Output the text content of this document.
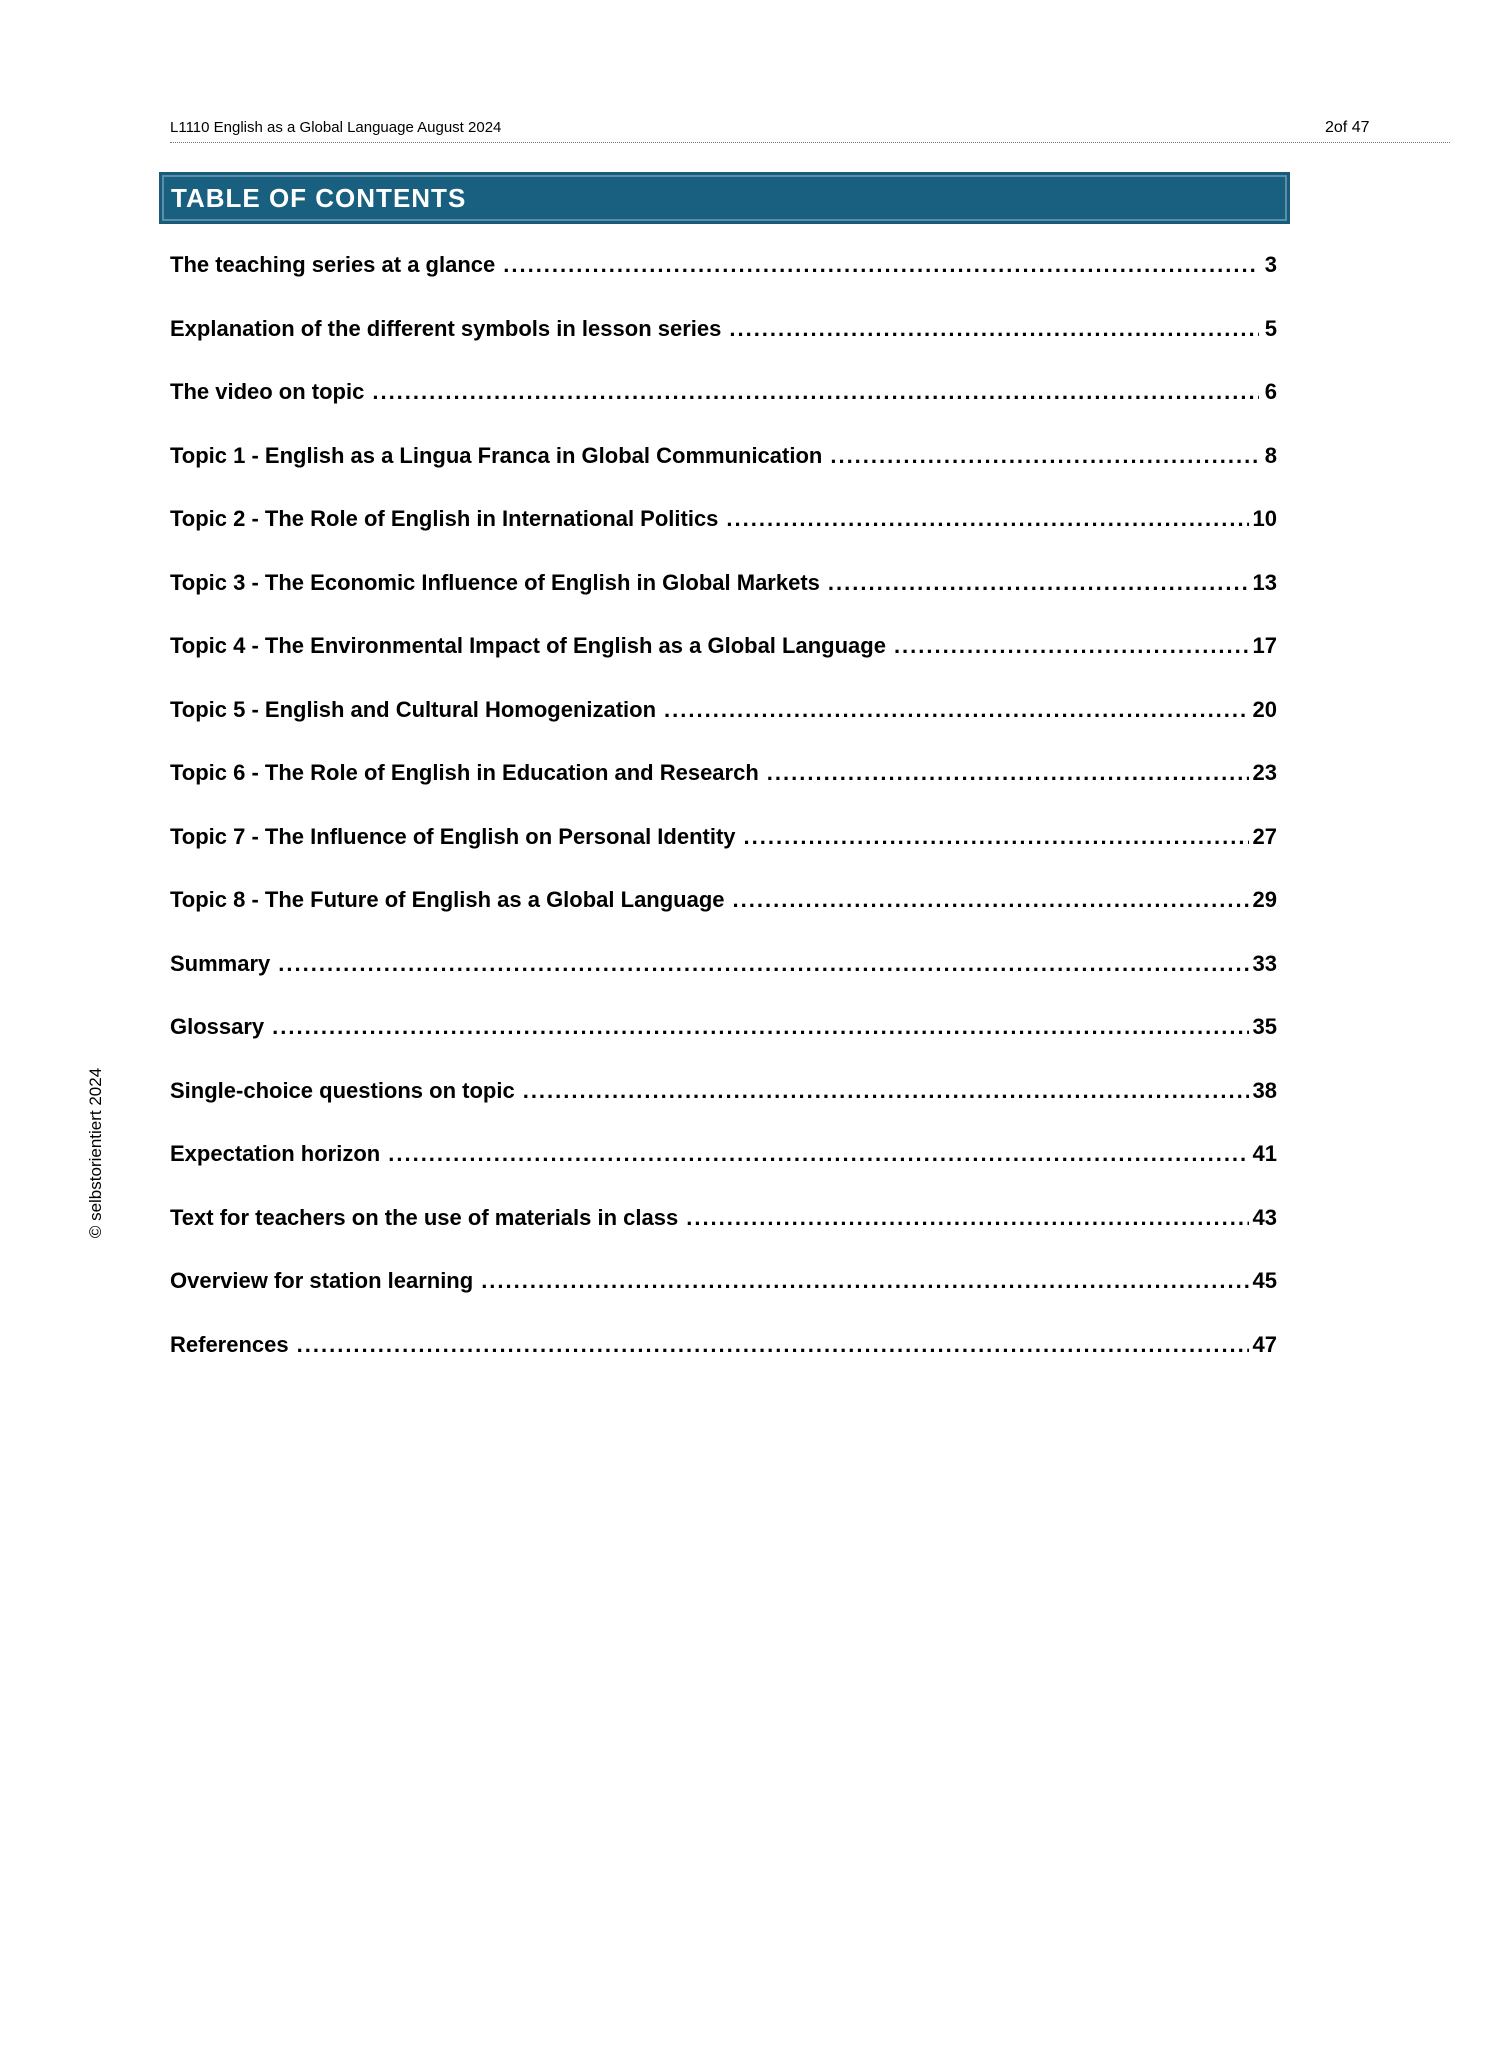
L1110 English as a Global Language August 2024	2of 47
TABLE OF CONTENTS
The teaching series at a glance .....	3
Explanation of the different symbols in lesson series .....	5
The video on topic .....	6
Topic 1 - English as a Lingua Franca in Global Communication .....	8
Topic 2 - The Role of English in International Politics .....	10
Topic 3 - The Economic Influence of English in Global Markets .....	13
Topic 4 - The Environmental Impact of English as a Global Language .....	17
Topic 5 - English and Cultural Homogenization .....	20
Topic 6 - The Role of English in Education and Research .....	23
Topic 7 - The Influence of English on Personal Identity .....	27
Topic 8 - The Future of English as a Global Language .....	29
Summary .....	33
Glossary .....	35
Single-choice questions on topic .....	38
Expectation horizon .....	41
Text for teachers on the use of materials in class .....	43
Overview for station learning .....	45
References .....	47
© selbstorientiert 2024
